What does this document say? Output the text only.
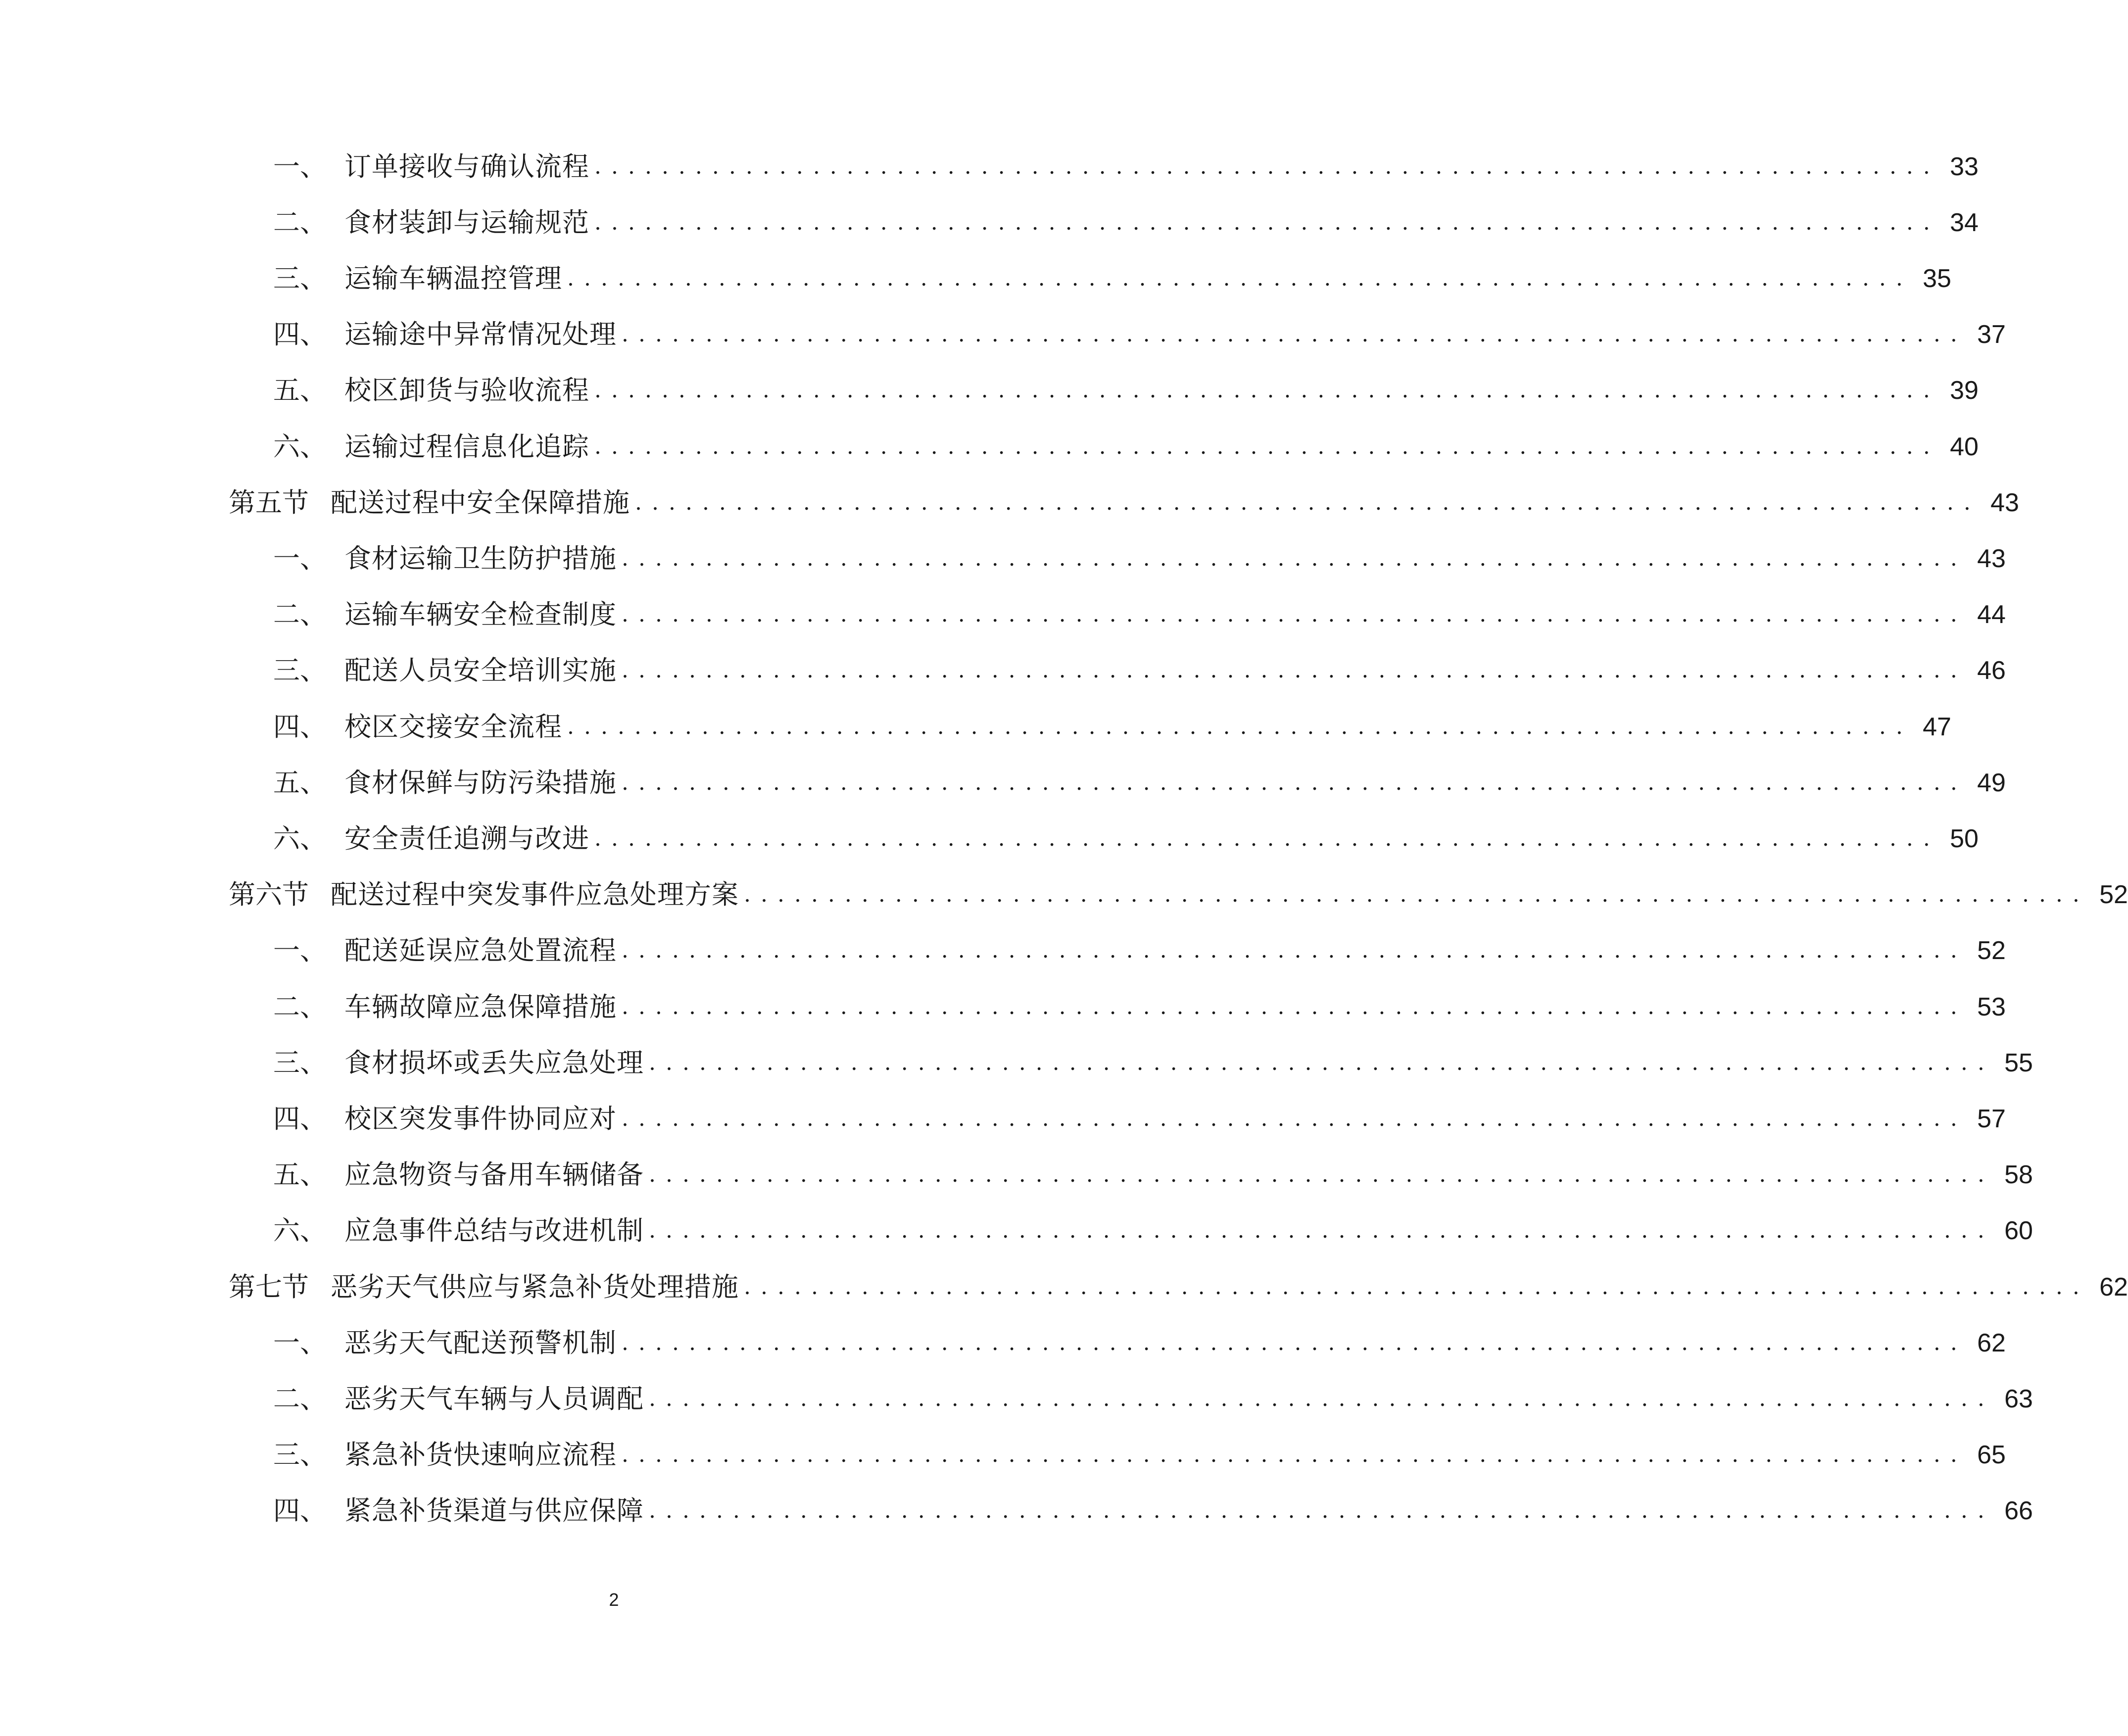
一、 订单接收与确认流程 ................................................................................ 33
二、 食材装卸与运输规范 ................................................................................ 34
三、 运输车辆温控管理 ................................................................................ 35
四、 运输途中异常情况处理 ................................................................................ 37
五、 校区卸货与验收流程 ................................................................................ 39
六、 运输过程信息化追踪 ................................................................................ 40
第五节 配送过程中安全保障措施 ................................................................................ 43
一、 食材运输卫生防护措施 ................................................................................ 43
二、 运输车辆安全检查制度 ................................................................................ 44
三、 配送人员安全培训实施 ................................................................................ 46
四、 校区交接安全流程 ................................................................................ 47
五、 食材保鲜与防污染措施 ................................................................................ 49
六、 安全责任追溯与改进 ................................................................................ 50
第六节 配送过程中突发事件应急处理方案 ................................................................................ 52
一、 配送延误应急处置流程 ................................................................................ 52
二、 车辆故障应急保障措施 ................................................................................ 53
三、 食材损坏或丢失应急处理 ................................................................................ 55
四、 校区突发事件协同应对 ................................................................................ 57
五、 应急物资与备用车辆储备 ................................................................................ 58
六、 应急事件总结与改进机制 ................................................................................ 60
第七节 恶劣天气供应与紧急补货处理措施 ................................................................................ 62
一、 恶劣天气配送预警机制 ................................................................................ 62
二、 恶劣天气车辆与人员调配 ................................................................................ 63
三、 紧急补货快速响应流程 ................................................................................ 65
四、 紧急补货渠道与供应保障 ................................................................................ 66
2
